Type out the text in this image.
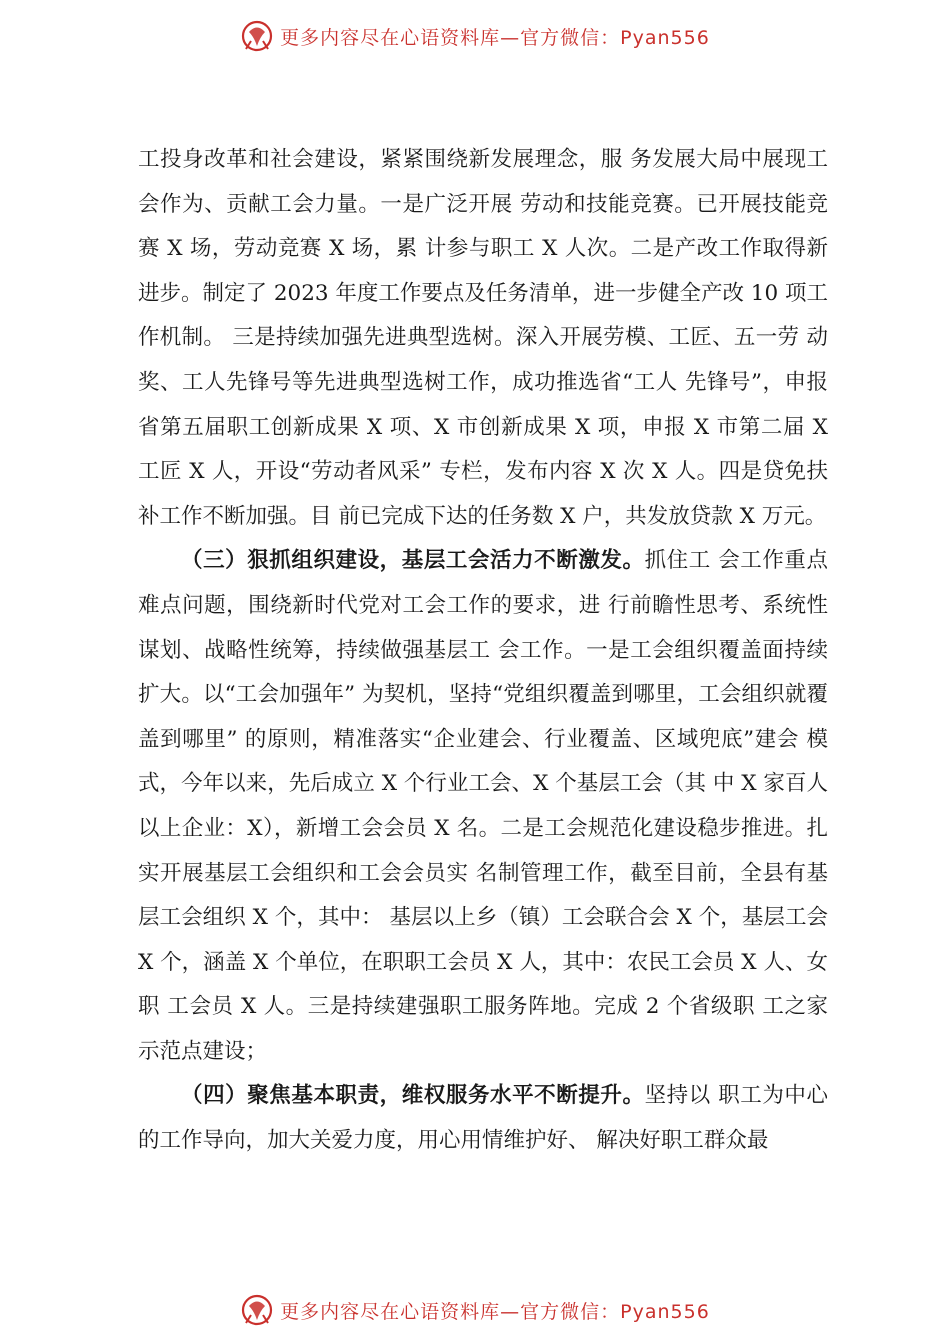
更多内容尽在心语资料库—官方微信：Pyan556

工投身改革和社会建设，紧紧围绕新发展理念，服 务发展大局中展现工会作为、贡献工会力量。一是广泛开展 劳动和技能竞赛。已开展技能竞赛 X 场，劳动竞赛 X 场，累 计参与职工 X 人次。二是产改工作取得新进步。制定了 2023 年度工作要点及任务清单，进一步健全产改 10 项工作机制。 三是持续加强先进典型选树。深入开展劳模、工匠、五一劳 动奖、工人先锋号等先进典型选树工作，成功推选省“工人 先锋号”，申报省第五届职工创新成果 X 项、X 市创新成果 X 项，申报 X 市第二届 X 工匠 X 人，开设“劳动者风采” 专栏，发布内容 X 次 X 人。四是贷免扶补工作不断加强。目 前已完成下达的任务数 X 户，共发放贷款 X 万元。

（三）狠抓组织建设，基层工会活力不断激发。抓住工 会工作重点难点问题，围绕新时代党对工会工作的要求，进 行前瞻性思考、系统性谋划、战略性统筹，持续做强基层工 会工作。一是工会组织覆盖面持续扩大。以“工会加强年” 为契机，坚持“党组织覆盖到哪里，工会组织就覆盖到哪里” 的原则，精准落实“企业建会、行业覆盖、区域兜底”建会 模式，今年以来，先后成立 X 个行业工会、X 个基层工会（其 中 X 家百人以上企业：X），新增工会会员 X 名。二是工会规范化建设稳步推进。扎实开展基层工会组织和工会会员实 名制管理工作，截至目前，全县有基层工会组织 X 个，其中： 基层以上乡（镇）工会联合会 X 个，基层工会 X 个，涵盖 X 个单位，在职职工会员 X 人，其中：农民工会员 X 人、女职 工会员 X 人。三是持续建强职工服务阵地。完成 2 个省级职 工之家示范点建设；

（四）聚焦基本职责，维权服务水平不断提升。坚持以 职工为中心的工作导向，加大关爱力度，用心用情维护好、 解决好职工群众最

更多内容尽在心语资料库—官方微信：Pyan556
